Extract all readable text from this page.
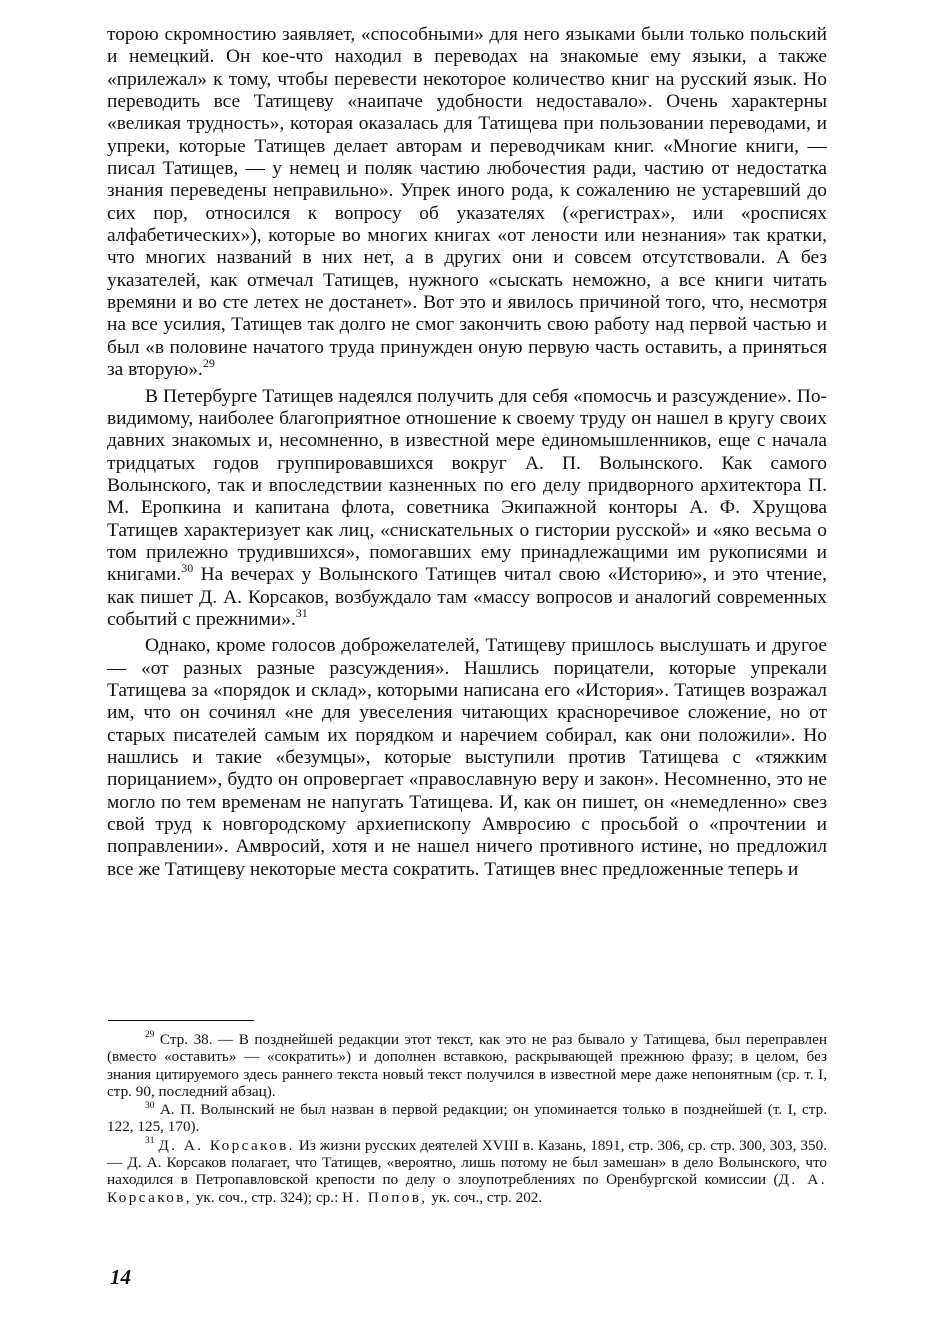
торою скромностию заявляет, «способными» для него языками были только польский и немецкий. Он кое-что находил в переводах на знакомые ему языки, а также «прилежал» к тому, чтобы перевести некоторое количество книг на русский язык. Но переводить все Татищеву «наипаче удобности недоставало». Очень характерны «великая трудность», которая оказалась для Татищева при пользовании переводами, и упреки, которые Татищев делает авторам и переводчикам книг. «Многие книги, — писал Татищев, — у немец и поляк частию любочестия ради, частию от недостатка знания переведены неправильно». Упрек иного рода, к сожалению не устаревший до сих пор, относился к вопросу об указателях («регистрах», или «росписях алфабетических»), которые во многих книгах «от лености или незнания» так кратки, что многих названий в них нет, а в других они и совсем отсутствовали. А без указателей, как отмечал Татищев, нужного «сыскать неможно, а все книги читать времяни и во сте летех не достанет». Вот это и явилось причиной того, что, несмотря на все усилия, Татищев так долго не смог закончить свою работу над первой частью и был «в половине начатого труда принужден оную первую часть оставить, а приняться за вторую».$^{29}$

В Петербурге Татищев надеялся получить для себя «помосчь и разсуждение». По-видимому, наиболее благоприятное отношение к своему труду он нашел в кругу своих давних знакомых и, несомненно, в известной мере единомышленников, еще с начала тридцатых годов группировавшихся вокруг А. П. Волынского. Как самого Волынского, так и впоследствии казненных по его делу придворного архитектора П. М. Еропкина и капитана флота, советника Экипажной конторы А. Ф. Хрущова Татищев характеризует как лиц, «снискательных о гистории русской» и «яко весьма о том прилежно трудившихся», помогавших ему принадлежащими им рукописями и книгами.$^{30}$ На вечерах у Волынского Татищев читал свою «Историю», и это чтение, как пишет Д. А. Корсаков, возбуждало там «массу вопросов и аналогий современных событий с прежними».$^{31}$

Однако, кроме голосов доброжелателей, Татищеву пришлось выслушать и другое — «от разных разные разсуждения». Нашлись порицатели, которые упрекали Татищева за «порядок и склад», которыми написана его «История». Татищев возражал им, что он сочинял «не для увеселения читающих красноречивое сложение, но от старых писателей самым их порядком и наречием собирал, как они положили». Но нашлись и такие «безумцы», которые выступили против Татищева с «тяжким порицанием», будто он опровергает «православную веру и закон». Несомненно, это не могло по тем временам не напугать Татищева. И, как он пишет, он «немедленно» свез свой труд к новгородскому архиепископу Амвросию с просьбой о «прочтении и поправлении». Амвросий, хотя и не нашел ничего противного истине, но предложил все же Татищеву некоторые места сократить. Татищев внес предложенные теперь и

$^{29}$ Стр. 38. — В позднейшей редакции этот текст, как это не раз бывало у Татищева, был переправлен (вместо «оставить» — «сократить») и дополнен вставкою, раскрывающей прежнюю фразу; в целом, без знания цитируемого здесь раннего текста новый текст получился в известной мере даже непонятным (ср. т. I, стр. 90, последний абзац).

$^{30}$ А. П. Волынский не был назван в первой редакции; он упоминается только в позднейшей (т. I, стр. 122, 125, 170).

$^{31}$ Д. А. Корсаков. Из жизни русских деятелей XVIII в. Казань, 1891, стр. 306, ср. стр. 300, 303, 350. — Д. А. Корсаков полагает, что Татищев, «вероятно, лишь потому не был замешан» в дело Волынского, что находился в Петропавловской крепости по делу о злоупотреблениях по Оренбургской комиссии (Д. А. Корсаков, ук. соч., стр. 324); ср.: Н. Попов, ук. соч., стр. 202.

14
